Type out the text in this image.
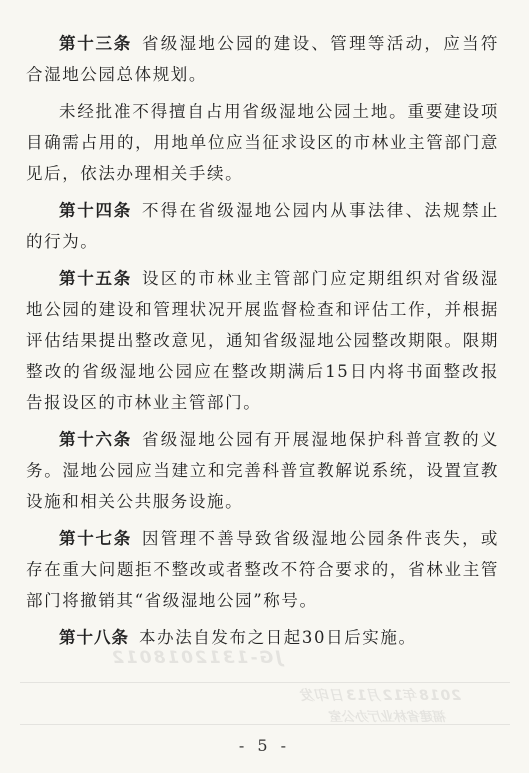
第十三条 省级湿地公园的建设、管理等活动，应当符合湿地公园总体规划。

未经批准不得擅自占用省级湿地公园土地。重要建设项目确需占用的，用地单位应当征求设区的市林业主管部门意见后，依法办理相关手续。

第十四条 不得在省级湿地公园内从事法律、法规禁止的行为。

第十五条 设区的市林业主管部门应定期组织对省级湿地公园的建设和管理状况开展监督检查和评估工作，并根据评估结果提出整改意见，通知省级湿地公园整改期限。限期整改的省级湿地公园应在整改期满后15日内将书面整改报告报设区的市林业主管部门。

第十六条 省级湿地公园有开展湿地保护科普宣教的义务。湿地公园应当建立和完善科普宣教解说系统，设置宣教设施和相关公共服务设施。

第十七条 因管理不善导致省级湿地公园条件丧失，或存在重大问题拒不整改或者整改不符合要求的，省林业主管部门将撤销其“省级湿地公园”称号。

第十八条 本办法自发布之日起30日后实施。

JG-1312018012
2018年12月13日印发
福建省林业厅办公室
- 5 -
